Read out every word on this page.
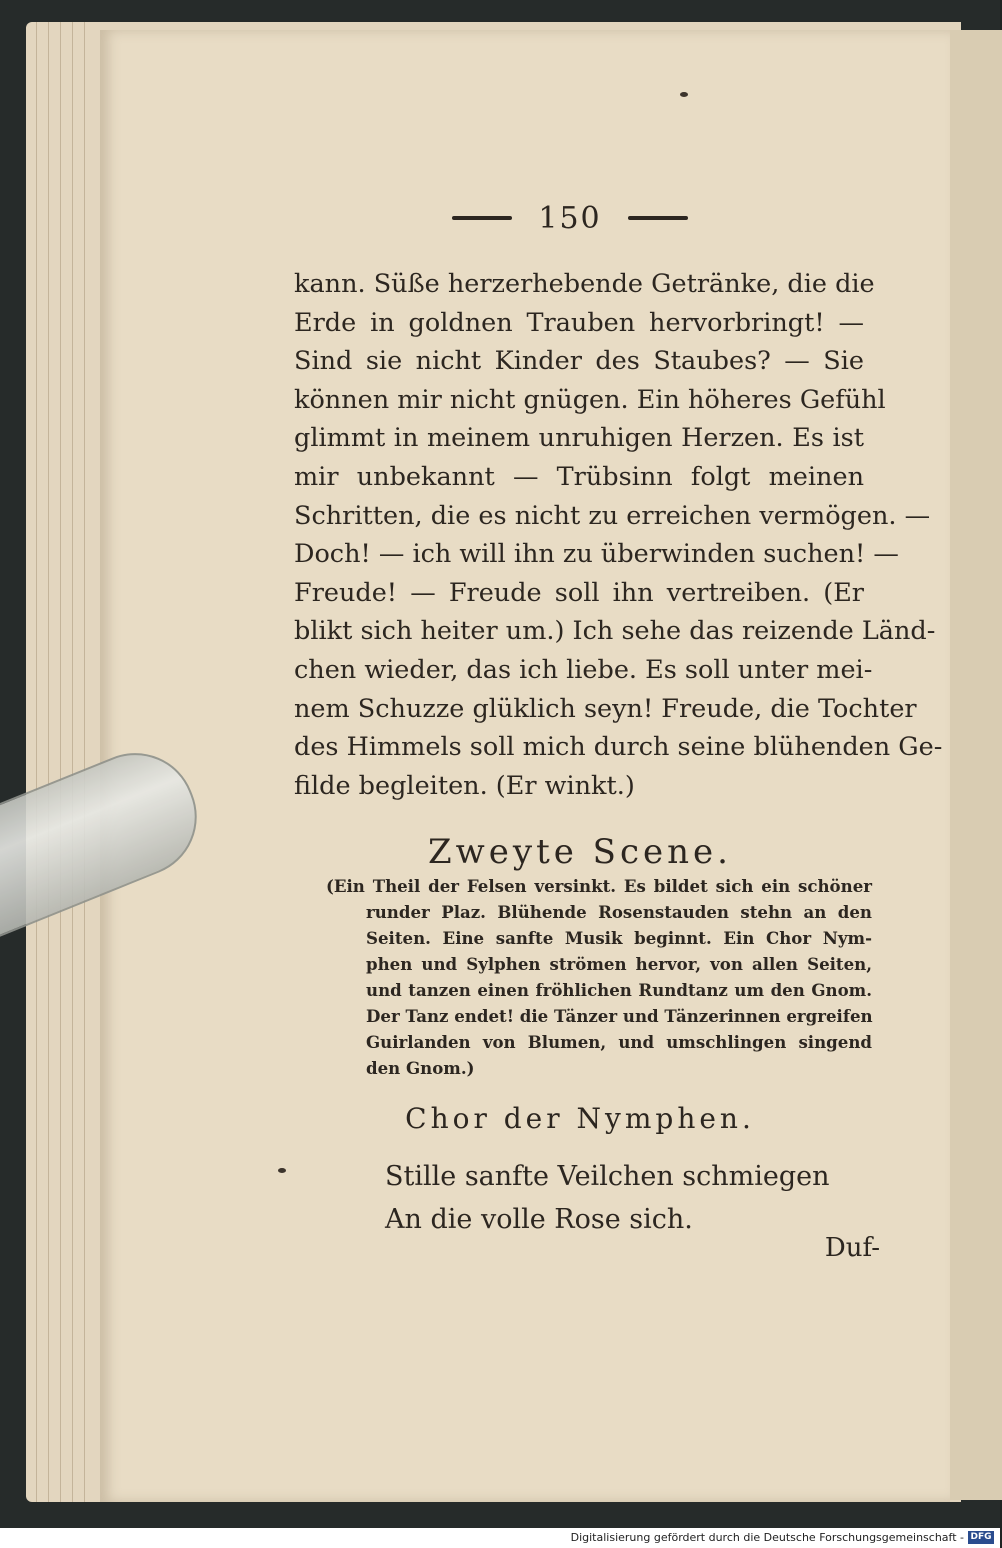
150
kann. Süße herzerhebende Getränke, die die
Erde in goldnen Trauben hervorbringt! —
Sind sie nicht Kinder des Staubes? — Sie
können mir nicht gnügen. Ein höheres Gefühl
glimmt in meinem unruhigen Herzen. Es ist
mir unbekannt — Trübsinn folgt meinen
Schritten, die es nicht zu erreichen vermögen. —
Doch! — ich will ihn zu überwinden suchen! —
Freude! — Freude soll ihn vertreiben. (Er
blikt sich heiter um.) Ich sehe das reizende Länd-
chen wieder, das ich liebe. Es soll unter mei-
nem Schuzze glüklich seyn! Freude, die Tochter
des Himmels soll mich durch seine blühenden Ge-
filde begleiten. (Er winkt.)
Zweyte Scene.
(Ein Theil der Felsen versinkt. Es bildet sich ein schöner
runder Plaz. Blühende Rosenstauden stehn an den
Seiten. Eine sanfte Musik beginnt. Ein Chor Nym-
phen und Sylphen strömen hervor, von allen Seiten,
und tanzen einen fröhlichen Rundtanz um den Gnom.
Der Tanz endet! die Tänzer und Tänzerinnen ergreifen
Guirlanden von Blumen, und umschlingen singend
den Gnom.)
Chor der Nymphen.
Stille sanfte Veilchen schmiegen
An die volle Rose sich.
Duf-
Digitalisierung gefördert durch die Deutsche Forschungsgemeinschaft - DFG
